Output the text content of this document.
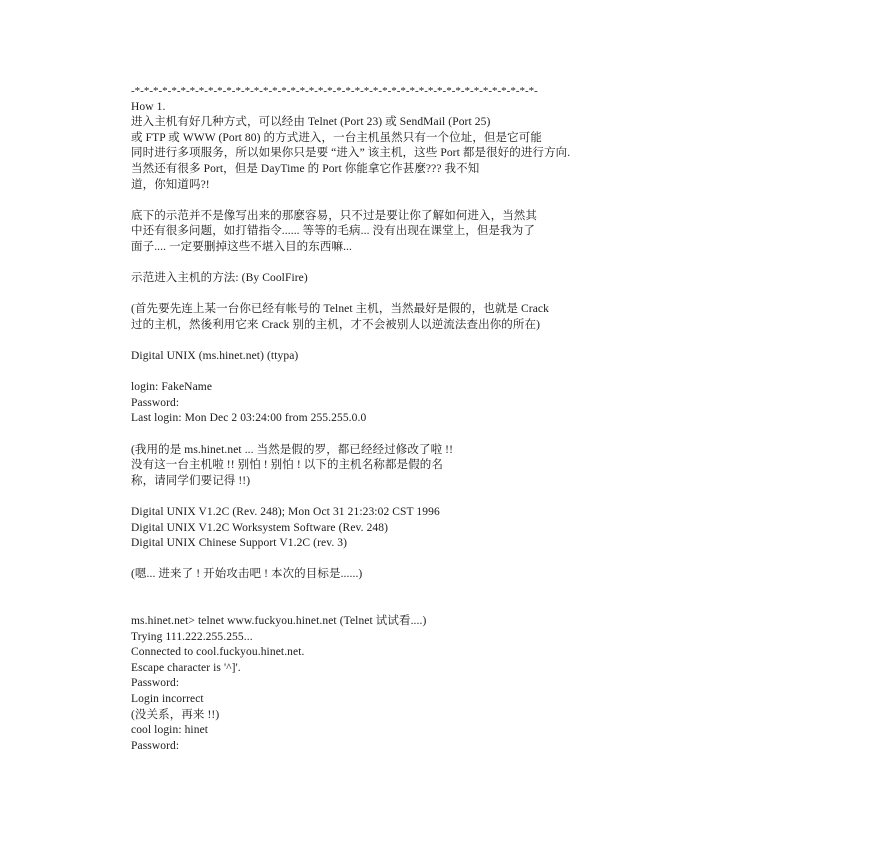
-*-*-*-*-*-*-*-*-*-*-*-*-*-*-*-*-*-*-*-*-*-*-*-*-*-*-*-*-*-*-*-*-*-*-*-*-*-*-*-*-*-*-*-*-
How 1.
进入主机有好几种方式，可以经由 Telnet (Port 23) 或 SendMail (Port 25)
或 FTP 或 WWW (Port 80) 的方式进入，一台主机虽然只有一个位址，但是它可能
同时进行多项服务，所以如果你只是要 “进入” 该主机，这些 Port 都是很好的进行方向.
当然还有很多 Port，但是 DayTime 的 Port 你能拿它作甚麼??? 我不知
道，你知道吗?!
底下的示范并不是像写出来的那麽容易，只不过是要让你了解如何进入，当然其
中还有很多问题，如打错指令...... 等等的毛病... 没有出现在课堂上，但是我为了
面子.... 一定要删掉这些不堪入目的东西嘛...
示范进入主机的方法: (By CoolFire)
(首先要先连上某一台你已经有帐号的 Telnet 主机，当然最好是假的，也就是 Crack
过的主机，然後利用它来 Crack 别的主机，才不会被别人以逆流法查出你的所在)
Digital UNIX (ms.hinet.net) (ttypa)
login: FakeName
Password:
Last login: Mon Dec 2 03:24:00 from 255.255.0.0
(我用的是 ms.hinet.net ... 当然是假的罗，都已经经过修改了啦 !!
没有这一台主机啦 !! 别怕 ! 别怕 ! 以下的主机名称都是假的名
称，请同学们要记得 !!)
Digital UNIX V1.2C (Rev. 248); Mon Oct 31 21:23:02 CST 1996
Digital UNIX V1.2C Worksystem Software (Rev. 248)
Digital UNIX Chinese Support V1.2C (rev. 3)
(嗯... 进来了 ! 开始攻击吧 ! 本次的目标是......)
ms.hinet.net> telnet www.fuckyou.hinet.net (Telnet 试试看....)
Trying 111.222.255.255...
Connected to cool.fuckyou.hinet.net.
Escape character is '^]'.
Password:
Login incorrect
(没关系，再来 !!)
cool login: hinet
Password:
